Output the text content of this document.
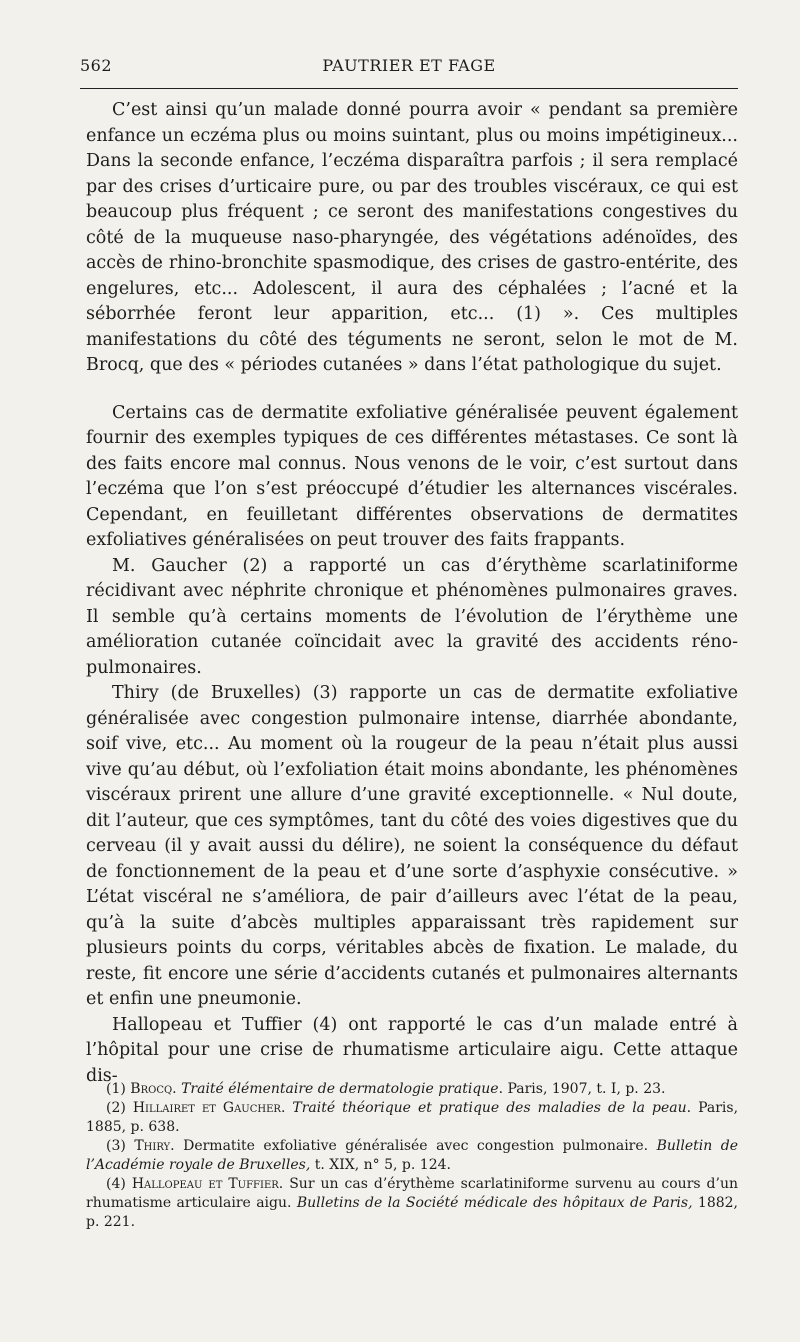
562	PAUTRIER ET FAGE

C’est ainsi qu’un malade donné pourra avoir « pendant sa première enfance un eczéma plus ou moins suintant, plus ou moins impétigineux... Dans la seconde enfance, l’eczéma disparaîtra parfois ; il sera remplacé par des crises d’urticaire pure, ou par des troubles viscéraux, ce qui est beaucoup plus fréquent ; ce seront des manifestations congestives du côté de la muqueuse naso-pharyngée, des végétations adénoïdes, des accès de rhino-bronchite spasmodique, des crises de gastro-entérite, des engelures, etc... Adolescent, il aura des céphalées ; l’acné et la séborrhée feront leur apparition, etc... (1) ». Ces multiples manifestations du côté des téguments ne seront, selon le mot de M. Brocq, que des « périodes cutanées » dans l’état pathologique du sujet.

Certains cas de dermatite exfoliative généralisée peuvent également fournir des exemples typiques de ces différentes métastases. Ce sont là des faits encore mal connus. Nous venons de le voir, c’est surtout dans l’eczéma que l’on s’est préoccupé d’étudier les alternances viscérales. Cependant, en feuilletant différentes observations de dermatites exfoliatives généralisées on peut trouver des faits frappants.

M. Gaucher (2) a rapporté un cas d’érythème scarlatiniforme récidivant avec néphrite chronique et phénomènes pulmonaires graves. Il semble qu’à certains moments de l’évolution de l’érythème une amélioration cutanée coïncidait avec la gravité des accidents réno-pulmonaires.

Thiry (de Bruxelles) (3) rapporte un cas de dermatite exfoliative généralisée avec congestion pulmonaire intense, diarrhée abondante, soif vive, etc... Au moment où la rougeur de la peau n’était plus aussi vive qu’au début, où l’exfoliation était moins abondante, les phénomènes viscéraux prirent une allure d’une gravité exceptionnelle. « Nul doute, dit l’auteur, que ces symptômes, tant du côté des voies digestives que du cerveau (il y avait aussi du délire), ne soient la conséquence du défaut de fonctionnement de la peau et d’une sorte d’asphyxie consécutive. » L’état viscéral ne s’améliora, de pair d’ailleurs avec l’état de la peau, qu’à la suite d’abcès multiples apparaissant très rapidement sur plusieurs points du corps, véritables abcès de fixation. Le malade, du reste, fit encore une série d’accidents cutanés et pulmonaires alternants et enfin une pneumonie.

Hallopeau et Tuffier (4) ont rapporté le cas d’un malade entré à l’hôpital pour une crise de rhumatisme articulaire aigu. Cette attaque dis-

(1) Brocq. Traité élémentaire de dermatologie pratique. Paris, 1907, t. I, p. 23.

(2) Hillairet et Gaucher. Traité théorique et pratique des maladies de la peau. Paris, 1885, p. 638.

(3) Thiry. Dermatite exfoliative généralisée avec congestion pulmonaire. Bulletin de l’Académie royale de Bruxelles, t. XIX, n° 5, p. 124.

(4) Hallopeau et Tuffier. Sur un cas d’érythème scarlatiniforme survenu au cours d’un rhumatisme articulaire aigu. Bulletins de la Société médicale des hôpitaux de Paris, 1882, p. 221.
